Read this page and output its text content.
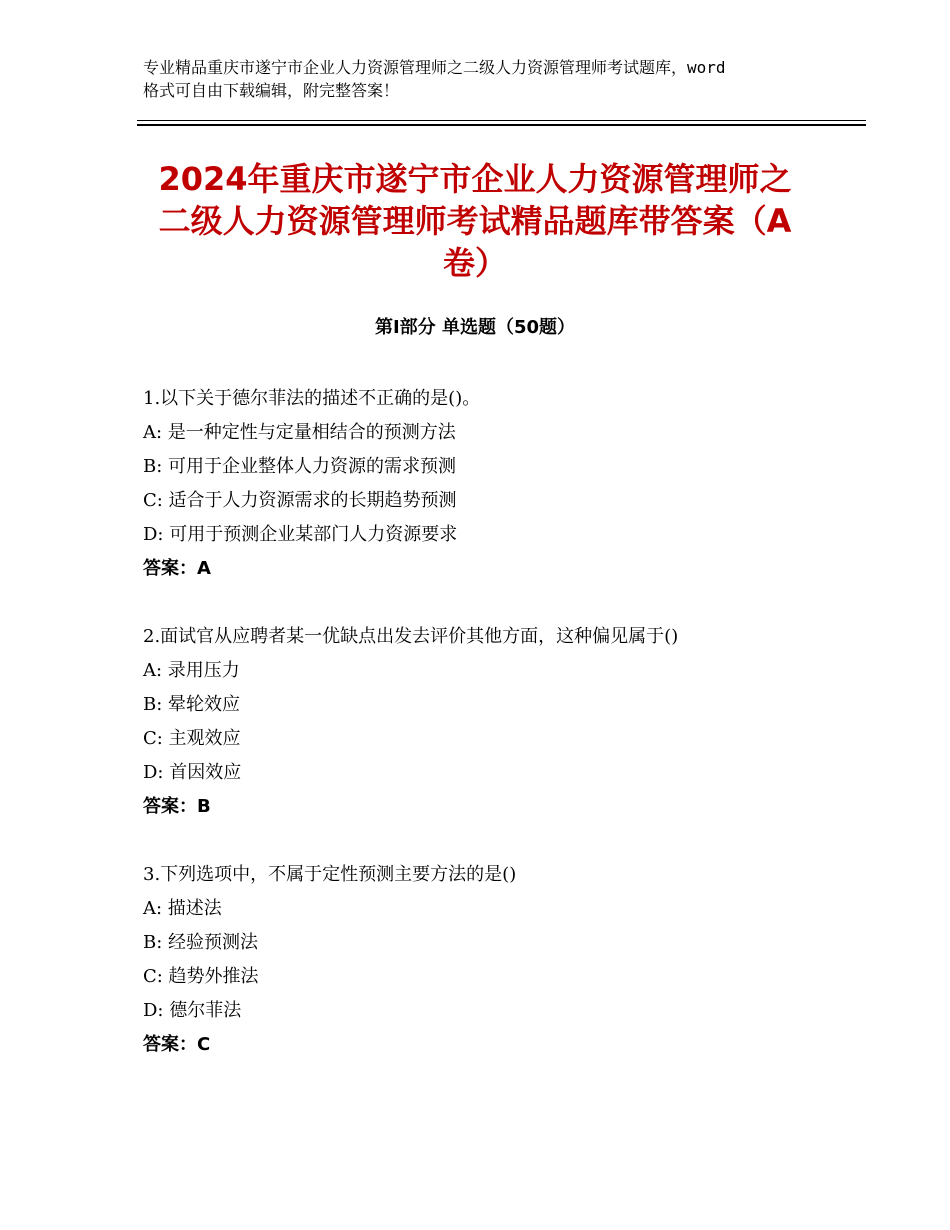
专业精品重庆市遂宁市企业人力资源管理师之二级人力资源管理师考试题库，word
格式可自由下载编辑，附完整答案！
2024年重庆市遂宁市企业人力资源管理师之
二级人力资源管理师考试精品题库带答案（A
卷）
第Ⅰ部分 单选题（50题）
1.以下关于德尔菲法的描述不正确的是()。
A: 是一种定性与定量相结合的预测方法
B: 可用于企业整体人力资源的需求预测
C: 适合于人力资源需求的长期趋势预测
D: 可用于预测企业某部门人力资源要求
答案：A
2.面试官从应聘者某一优缺点出发去评价其他方面，这种偏见属于()
A: 录用压力
B: 晕轮效应
C: 主观效应
D: 首因效应
答案：B
3.下列选项中，不属于定性预测主要方法的是()
A: 描述法
B: 经验预测法
C: 趋势外推法
D: 德尔菲法
答案：C
